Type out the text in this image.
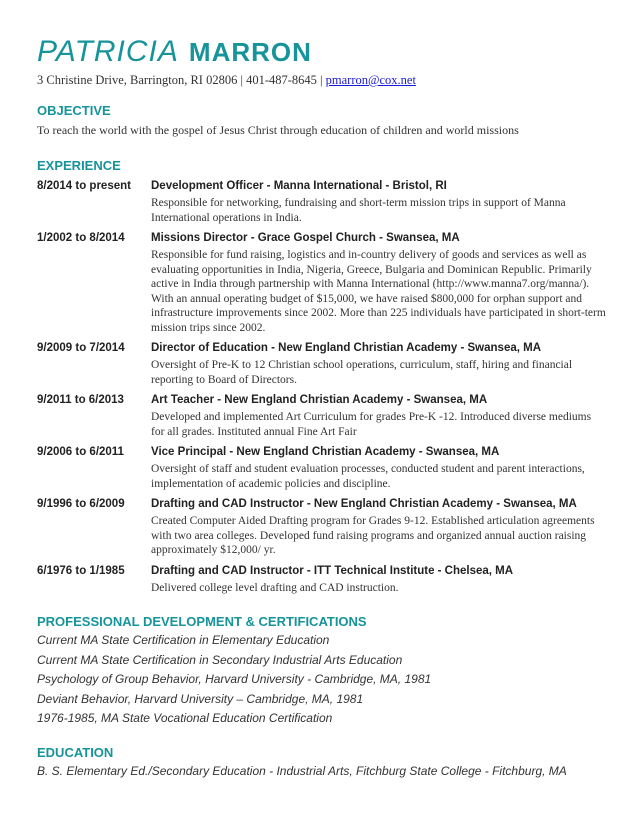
PATRICIA MARRON
3 Christine Drive, Barrington, RI 02806 | 401-487-8645 | pmarron@cox.net
OBJECTIVE
To reach the world with the gospel of Jesus Christ through education of children and world missions
EXPERIENCE
8/2014 to present	Development Officer - Manna International - Bristol, RI
Responsible for networking, fundraising and short-term mission trips in support of Manna International operations in India.
1/2002 to 8/2014	Missions Director - Grace Gospel Church - Swansea, MA
Responsible for fund raising, logistics and in-country delivery of goods and services as well as evaluating opportunities in India, Nigeria, Greece, Bulgaria and Dominican Republic. Primarily active in India through partnership with Manna International (http://www.manna7.org/manna/). With an annual operating budget of $15,000, we have raised $800,000 for orphan support and infrastructure improvements since 2002. More than 225 individuals have participated in short-term mission trips since 2002.
9/2009 to 7/2014	Director of Education - New England Christian Academy - Swansea, MA
Oversight of Pre-K to 12 Christian school operations, curriculum, staff, hiring and financial reporting to Board of Directors.
9/2011 to 6/2013	Art Teacher - New England Christian Academy - Swansea, MA
Developed and implemented Art Curriculum for grades Pre-K -12. Introduced diverse mediums for all grades. Instituted annual Fine Art Fair
9/2006 to 6/2011	Vice Principal - New England Christian Academy - Swansea, MA
Oversight of staff and student evaluation processes, conducted student and parent interactions, implementation of academic policies and discipline.
9/1996 to 6/2009	Drafting and CAD Instructor - New England Christian Academy - Swansea, MA
Created Computer Aided Drafting program for Grades 9-12. Established articulation agreements with two area colleges. Developed fund raising programs and organized annual auction raising approximately $12,000/ yr.
6/1976 to 1/1985	Drafting and CAD Instructor - ITT Technical Institute - Chelsea, MA
Delivered college level drafting and CAD instruction.
PROFESSIONAL DEVELOPMENT & CERTIFICATIONS
Current MA State Certification in Elementary Education
Current MA State Certification in Secondary Industrial Arts Education
Psychology of Group Behavior, Harvard University - Cambridge, MA, 1981
Deviant Behavior, Harvard University – Cambridge, MA, 1981
1976-1985, MA State Vocational Education Certification
EDUCATION
B. S. Elementary Ed./Secondary Education - Industrial Arts, Fitchburg State College - Fitchburg, MA
